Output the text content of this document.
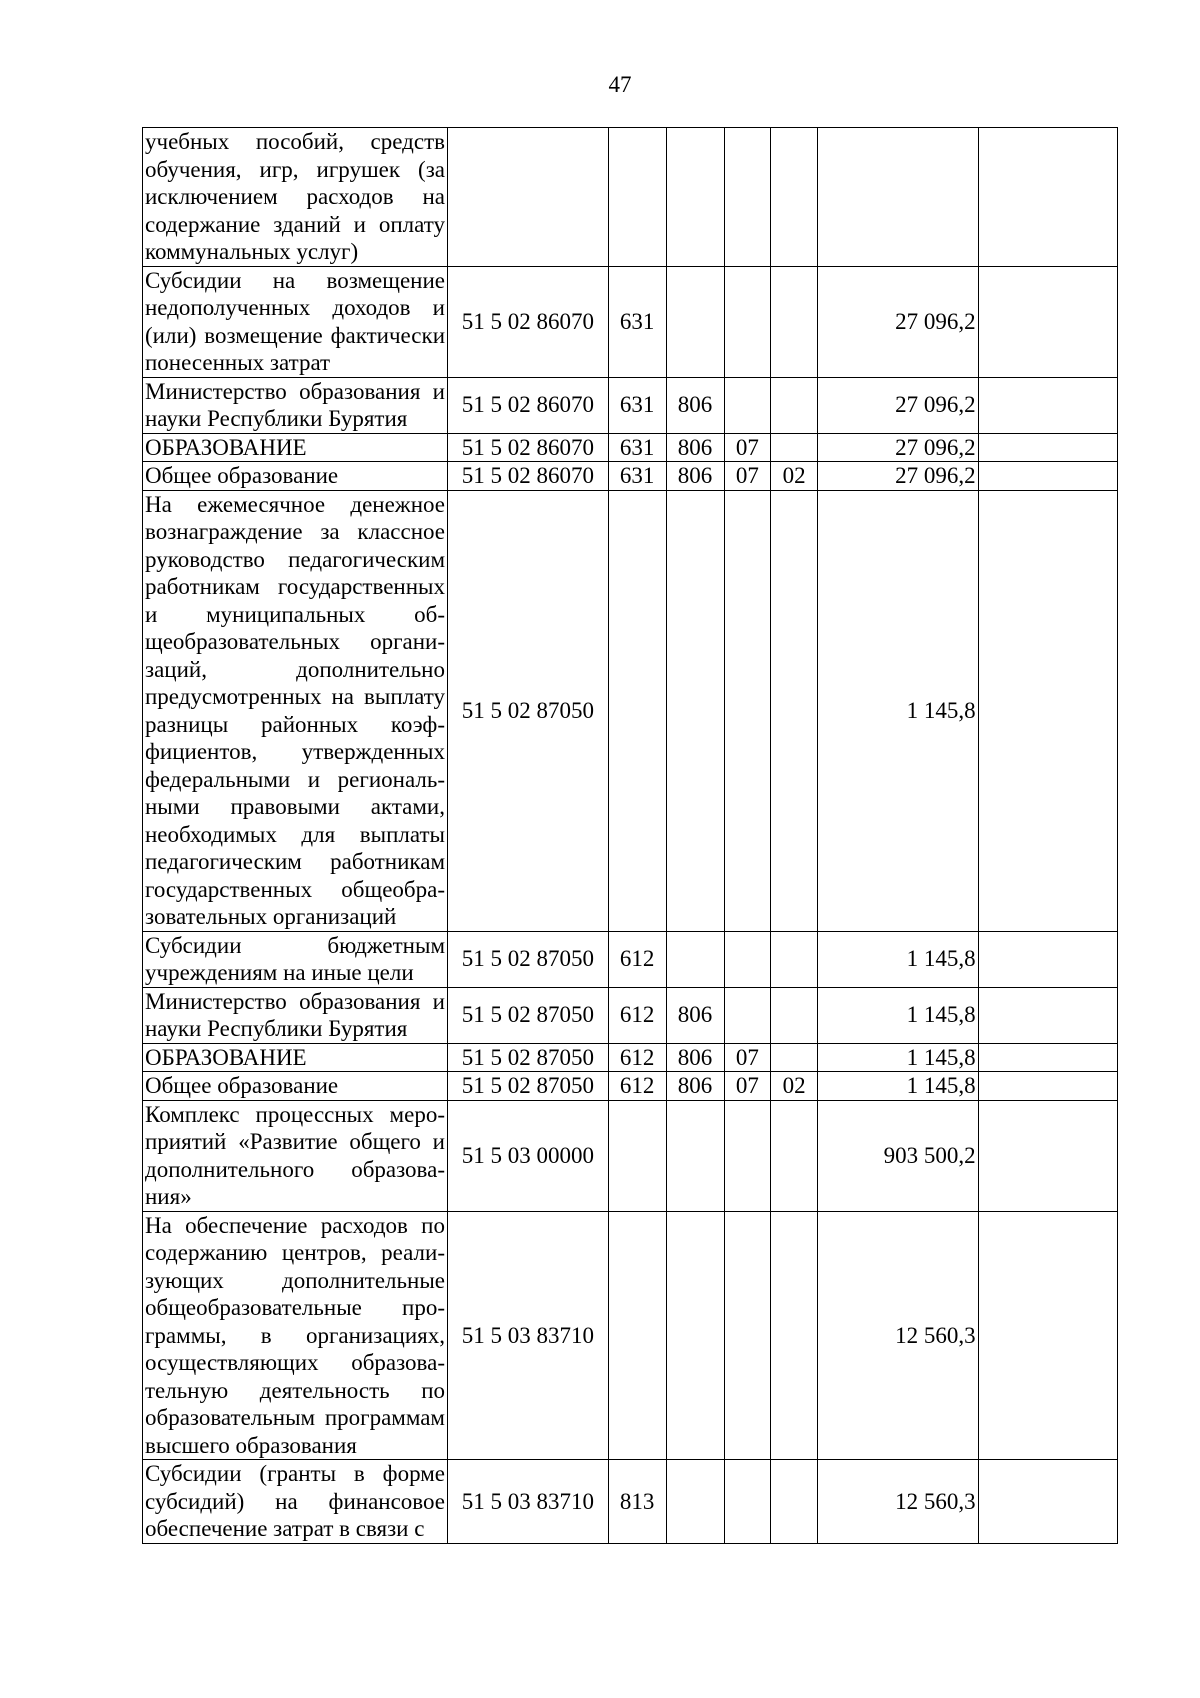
47
учебных пособий, средств обучения, игр, игрушек (за исключением расходов на содержание зданий и оплату коммунальных услуг)							
Субсидии на возмещение недополученных доходов и (или) возмещение фактически понесенных затрат	51 5 02 86070	631				27 096,2	
Министерство образования и науки Республики Бурятия	51 5 02 86070	631	806			27 096,2	
ОБРАЗОВАНИЕ	51 5 02 86070	631	806	07		27 096,2	
Общее образование	51 5 02 86070	631	806	07	02	27 096,2	
На ежемесячное денежное вознаграждение за классное руководство педагогическим работникам государственных и муниципальных общеобразовательных организаций, дополнительно предусмотренных на выплату разницы районных коэффициентов, утвержденных федеральными и региональными правовыми актами, необходимых для выплаты педагогическим работникам государственных общеобразовательных организаций	51 5 02 87050					1 145,8	
Субсидии бюджетным учреждениям на иные цели	51 5 02 87050	612				1 145,8	
Министерство образования и науки Республики Бурятия	51 5 02 87050	612	806			1 145,8	
ОБРАЗОВАНИЕ	51 5 02 87050	612	806	07		1 145,8	
Общее образование	51 5 02 87050	612	806	07	02	1 145,8	
Комплекс процессных мероприятий «Развитие общего и дополнительного образования»	51 5 03 00000					903 500,2	
На обеспечение расходов по содержанию центров, реализующих дополнительные общеобразовательные программы, в организациях, осуществляющих образовательную деятельность по образовательным программам высшего образования	51 5 03 83710					12 560,3	
Субсидии (гранты в форме субсидий) на финансовое обеспечение затрат в связи с	51 5 03 83710	813				12 560,3	
